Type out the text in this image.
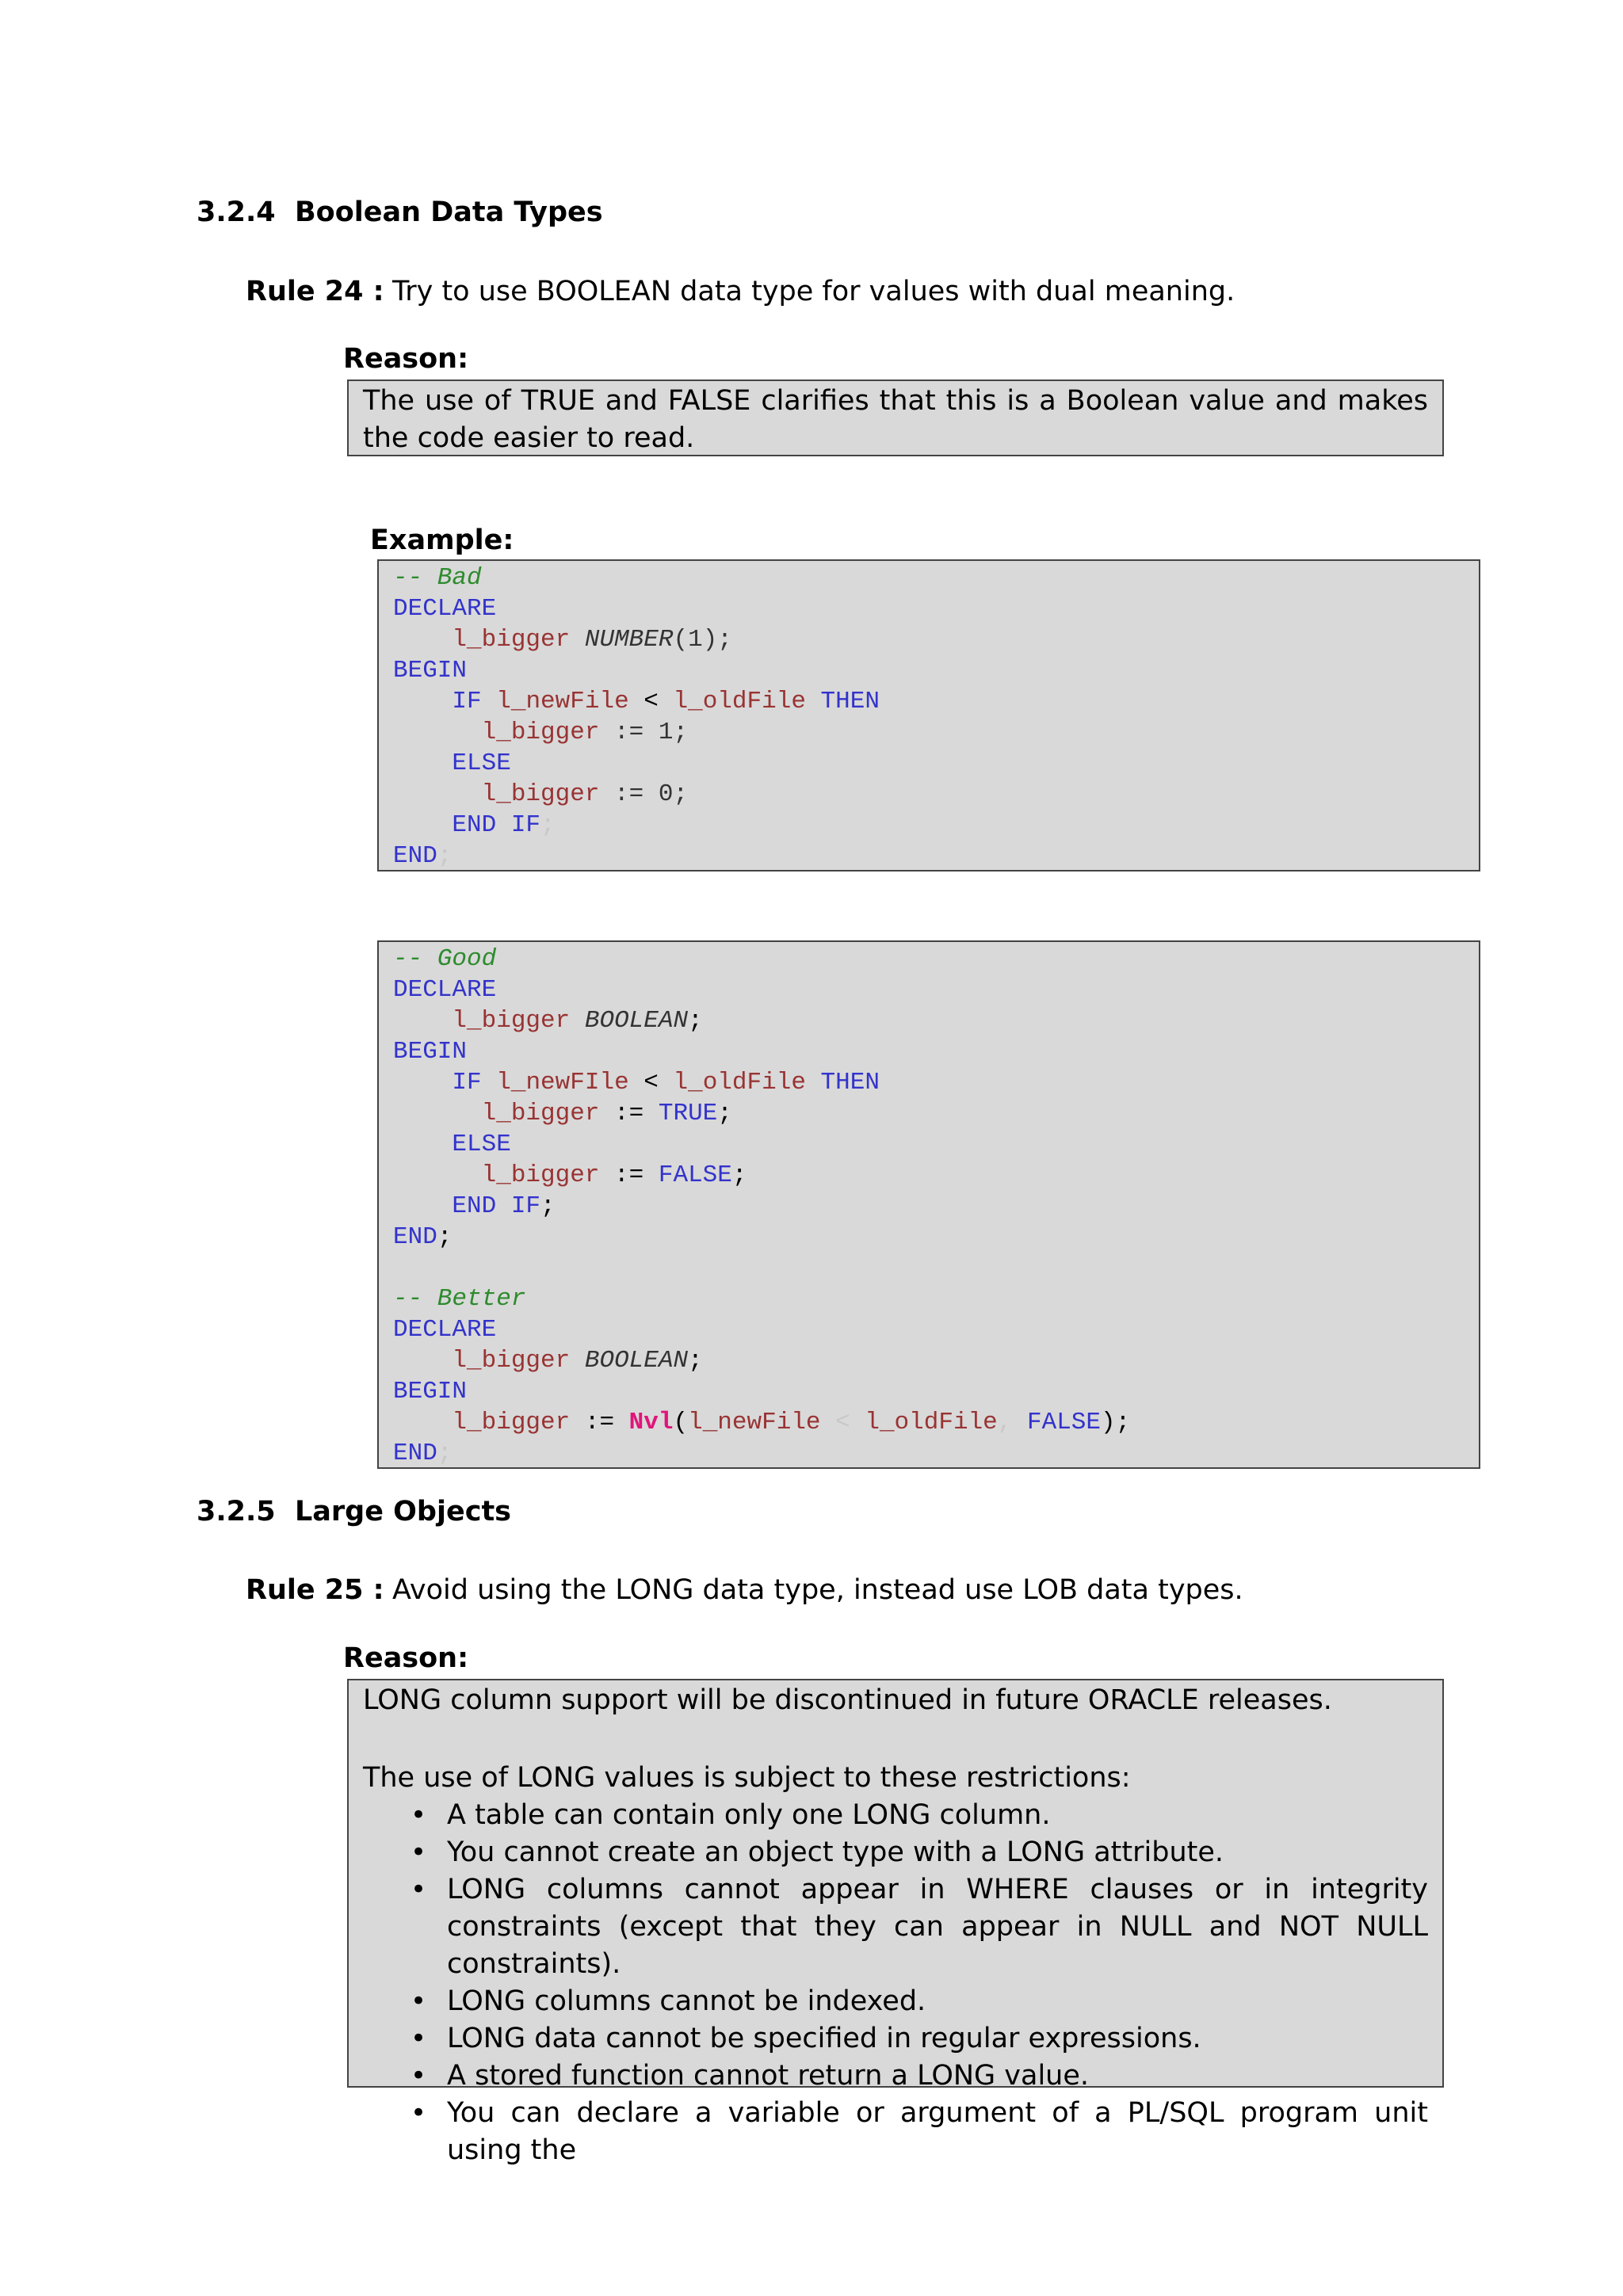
3.2.4 Boolean Data Types
Rule 24 : Try to use BOOLEAN data type for values with dual meaning.
Reason:
The use of TRUE and FALSE clarifies that this is a Boolean value and makes the code easier to read.
Example:
-- Bad
DECLARE
l_bigger NUMBER(1);
BEGIN
IF l_newFile < l_oldFile THEN
l_bigger := 1;
ELSE
l_bigger := 0;
END IF;
END;
-- Good
DECLARE
l_bigger BOOLEAN;
BEGIN
IF l_newFIle < l_oldFile THEN
l_bigger := TRUE;
ELSE
l_bigger := FALSE;
END IF;
END;
-- Better
DECLARE
l_bigger BOOLEAN;
BEGIN
l_bigger := Nvl(l_newFile < l_oldFile, FALSE);
END;
3.2.5 Large Objects
Rule 25 : Avoid using the LONG data type, instead use LOB data types.
Reason:
LONG column support will be discontinued in future ORACLE releases.
The use of LONG values is subject to these restrictions:
• A table can contain only one LONG column.
• You cannot create an object type with a LONG attribute.
• LONG columns cannot appear in WHERE clauses or in integrity constraints (except that they can appear in NULL and NOT NULL constraints).
• LONG columns cannot be indexed.
• LONG data cannot be specified in regular expressions.
• A stored function cannot return a LONG value.
• You can declare a variable or argument of a PL/SQL program unit using the
